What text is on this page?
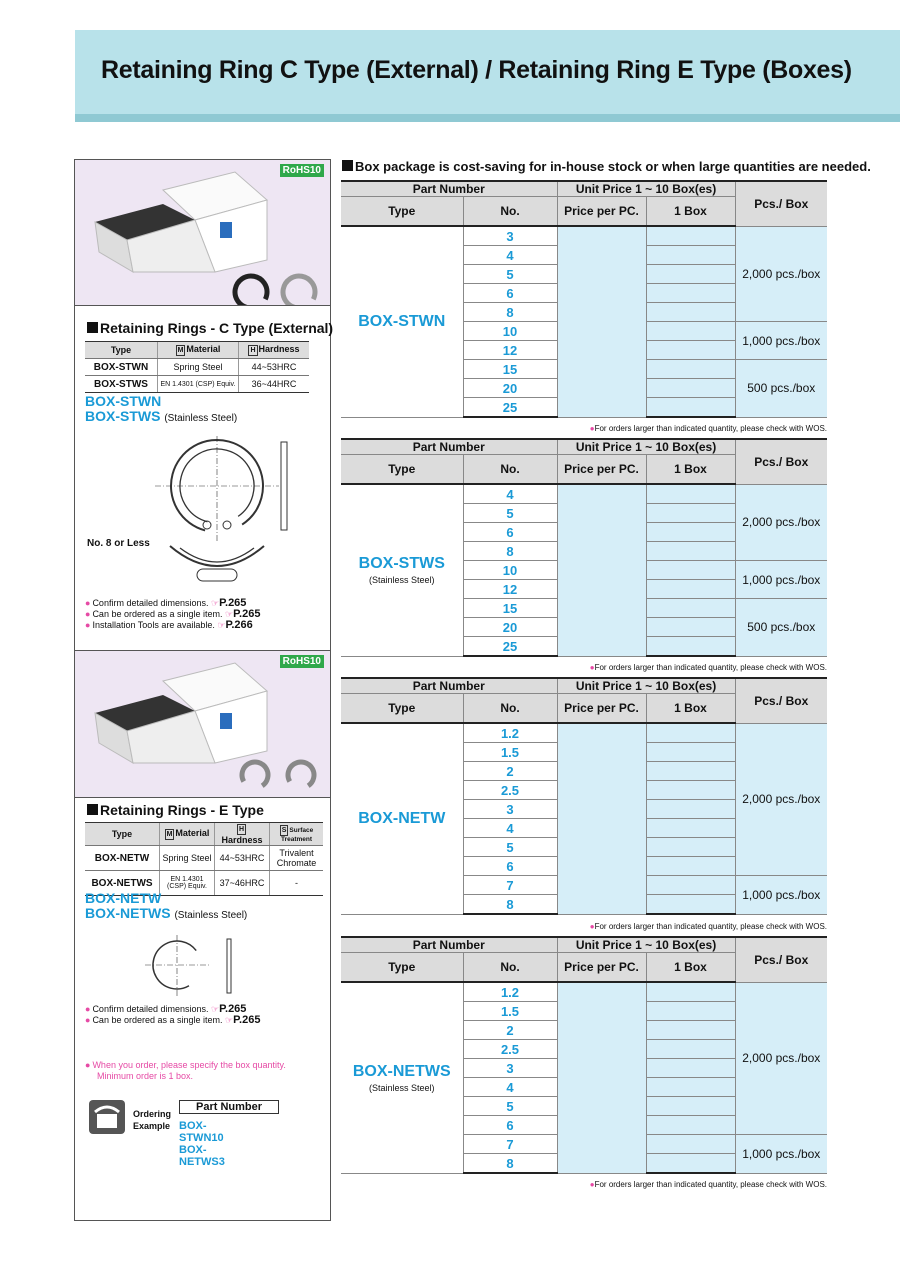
Retaining Ring C Type (External) / Retaining Ring E Type (Boxes)
RoHS10
Retaining Rings - C Type (External)
Type	M Material	H Hardness
BOX-STWN	Spring Steel	44~53HRC
BOX-STWS	EN 1.4301 (CSP) Equiv.	36~44HRC
BOX-STWN
BOX-STWS (Stainless Steel)
No. 8 or Less
● Confirm detailed dimensions. ☞P.265
● Can be ordered as a single item. ☞P.265
● Installation Tools are available. ☞P.266
RoHS10
Retaining Rings - E Type
Type	M Material	HHardness	S Surface Treatment
BOX-NETW	Spring Steel	44~53HRC	Trivalent Chromate
BOX-NETWS	EN 1.4301 (CSP) Equiv.	37~46HRC	-
BOX-NETW
BOX-NETWS (Stainless Steel)
● Confirm detailed dimensions. ☞P.265
● Can be ordered as a single item. ☞P.265
● When you order, please specify the box quantity.
Minimum order is 1 box.
Ordering
Example
Part Number
BOX-STWN10
BOX-NETWS3
Box package is cost-saving for in-house stock or when large quantities are needed.
Part Number		Unit Price 1 ~ 10 Box(es)		Pcs./ Box
Type	No.	Price per PC.	1 Box	
BOX-STWN	3			2,000 pcs./box
	4			
	5			
	6			
	8			
	10			1,000 pcs./box
	12			
	15			500 pcs./box
	20			
	25			
●For orders larger than indicated quantity, please check with WOS.
Part Number		Unit Price 1 ~ 10 Box(es)		Pcs./ Box
Type	No.	Price per PC.	1 Box	
BOX-STWS
(Stainless Steel)	4			2,000 pcs./box
	5			
	6			
	8			
	10			1,000 pcs./box
	12			
	15			500 pcs./box
	20			
	25			
●For orders larger than indicated quantity, please check with WOS.
Part Number		Unit Price 1 ~ 10 Box(es)		Pcs./ Box
Type	No.	Price per PC.	1 Box	
BOX-NETW	1.2			2,000 pcs./box
	1.5			
	2			
	2.5			
	3			
	4			
	5			
	6			
	7			1,000 pcs./box
	8			
●For orders larger than indicated quantity, please check with WOS.
Part Number		Unit Price 1 ~ 10 Box(es)		Pcs./ Box
Type	No.	Price per PC.	1 Box	
BOX-NETWS
(Stainless Steel)	1.2			2,000 pcs./box
	1.5			
	2			
	2.5			
	3			
	4			
	5			
	6			
	7			1,000 pcs./box
	8			
●For orders larger than indicated quantity, please check with WOS.
